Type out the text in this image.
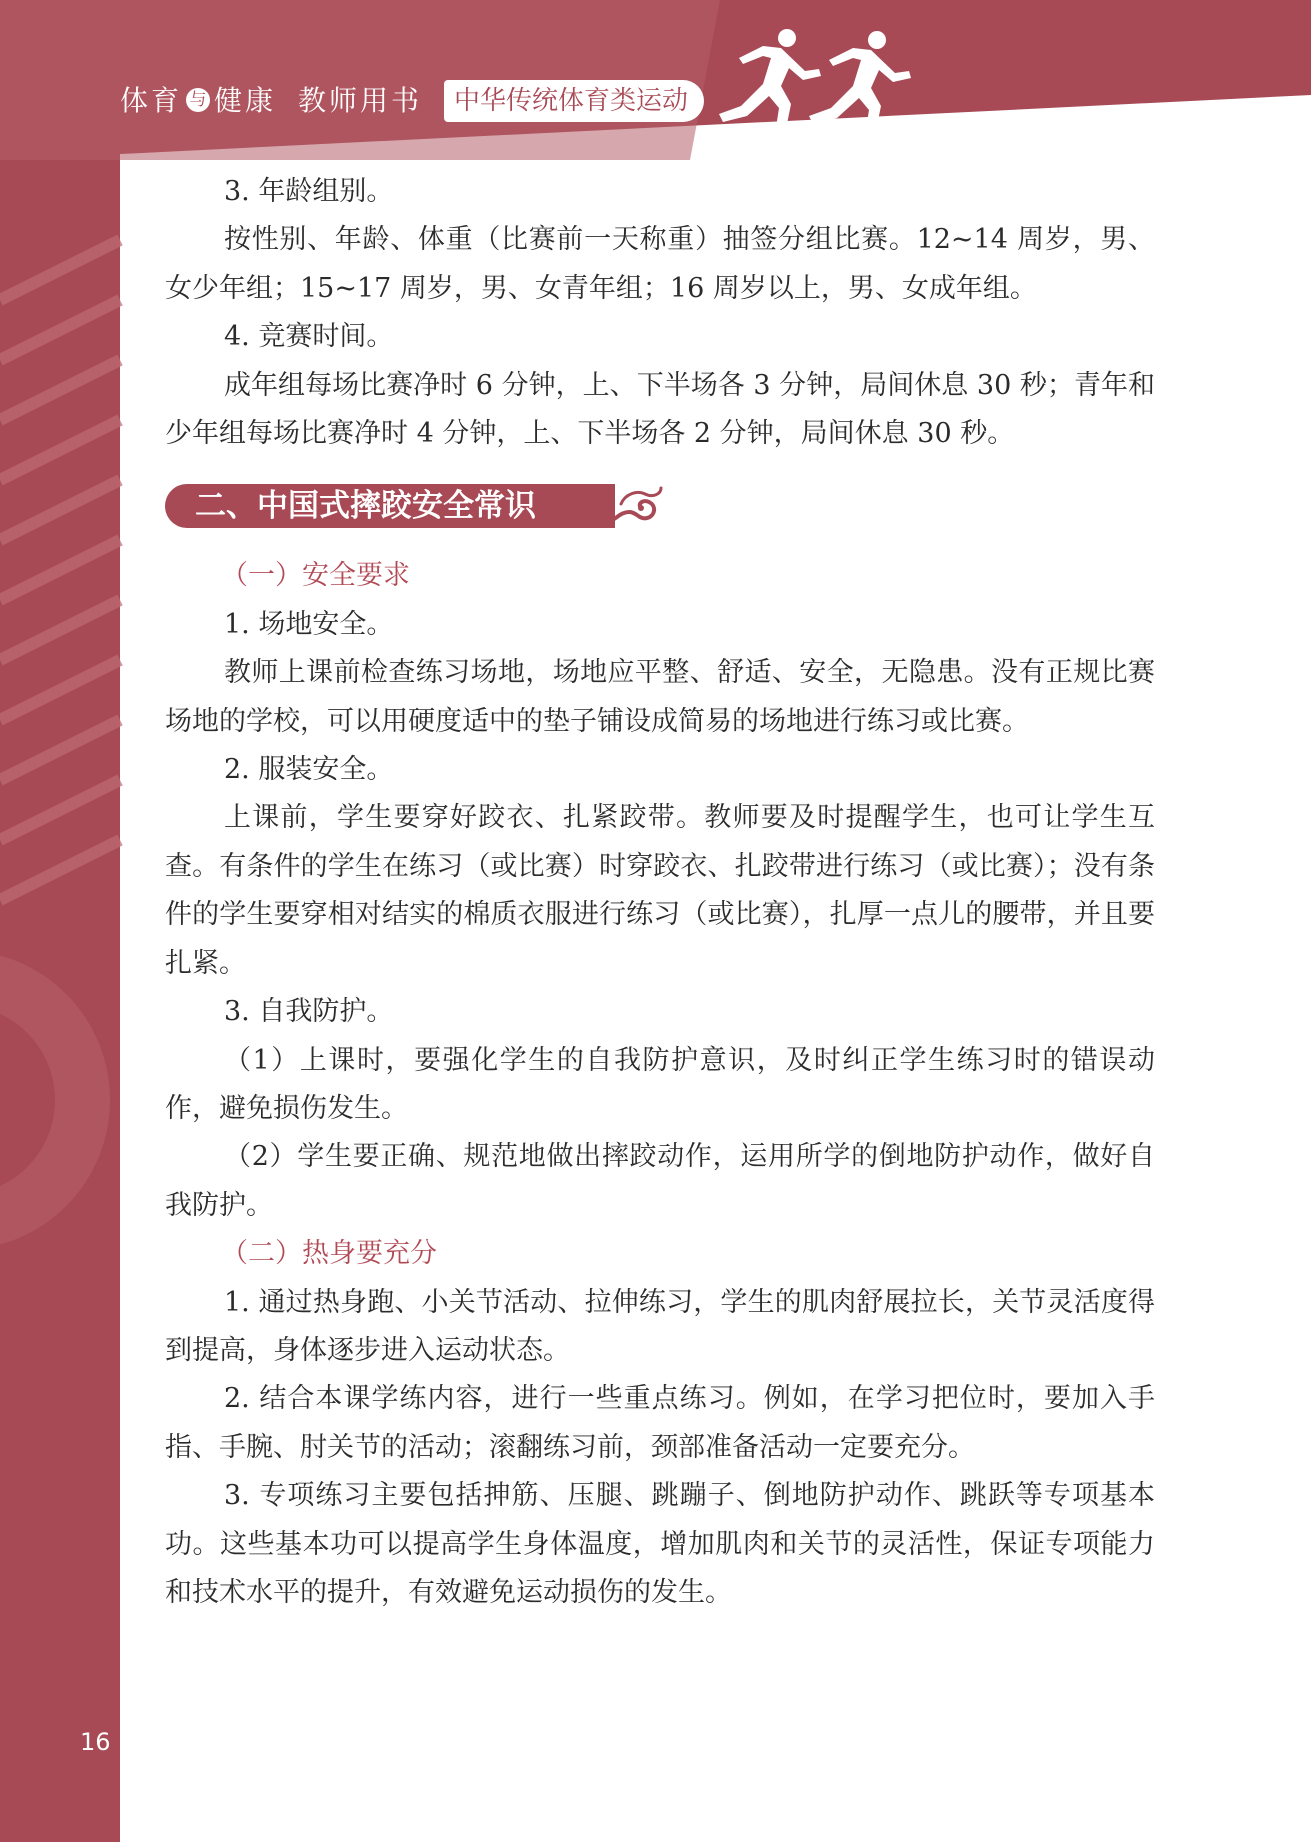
体育 与 健康 教师用书	中华传统体育类运动

3. 年龄组别。

按性别、年龄、体重（比赛前一天称重）抽签分组比赛。12~14 周岁，男、女少年组；15~17 周岁，男、女青年组；16 周岁以上，男、女成年组。

4. 竞赛时间。

成年组每场比赛净时 6 分钟，上、下半场各 3 分钟，局间休息 30 秒；青年和少年组每场比赛净时 4 分钟，上、下半场各 2 分钟，局间休息 30 秒。

二、中国式摔跤安全常识

（一）安全要求

1. 场地安全。

教师上课前检查练习场地，场地应平整、舒适、安全，无隐患。没有正规比赛场地的学校，可以用硬度适中的垫子铺设成简易的场地进行练习或比赛。

2. 服装安全。

上课前，学生要穿好跤衣、扎紧跤带。教师要及时提醒学生，也可让学生互查。有条件的学生在练习（或比赛）时穿跤衣、扎跤带进行练习（或比赛）；没有条件的学生要穿相对结实的棉质衣服进行练习（或比赛），扎厚一点儿的腰带，并且要扎紧。

3. 自我防护。

（1）上课时，要强化学生的自我防护意识，及时纠正学生练习时的错误动作，避免损伤发生。

（2）学生要正确、规范地做出摔跤动作，运用所学的倒地防护动作，做好自我防护。

（二）热身要充分

1. 通过热身跑、小关节活动、拉伸练习，学生的肌肉舒展拉长，关节灵活度得到提高，身体逐步进入运动状态。

2. 结合本课学练内容，进行一些重点练习。例如，在学习把位时，要加入手指、手腕、肘关节的活动；滚翻练习前，颈部准备活动一定要充分。

3. 专项练习主要包括抻筋、压腿、跳蹦子、倒地防护动作、跳跃等专项基本功。这些基本功可以提高学生身体温度，增加肌肉和关节的灵活性，保证专项能力和技术水平的提升，有效避免运动损伤的发生。

16
